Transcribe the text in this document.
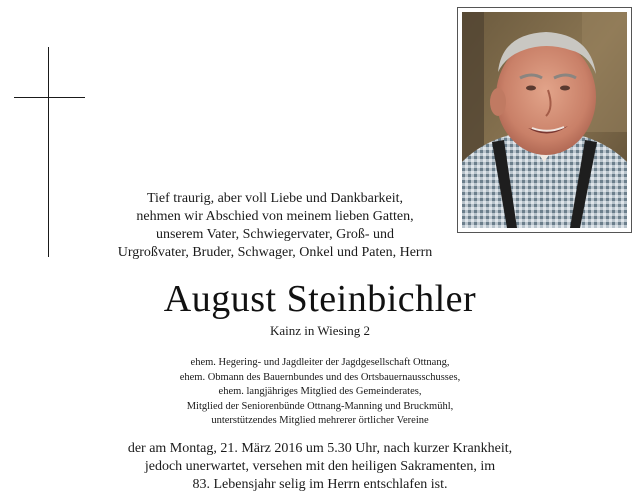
Tief traurig, aber voll Liebe und Dankbarkeit,
nehmen wir Abschied von meinem lieben Gatten,
unserem Vater, Schwiegervater, Groß- und
Urgroßvater, Bruder, Schwager, Onkel und Paten, Herrn
August Steinbichler
Kainz in Wiesing 2
ehem. Hegering- und Jagdleiter der Jagdgesellschaft Ottnang,
ehem. Obmann des Bauernbundes und des Ortsbauernausschusses,
ehem. langjähriges Mitglied des Gemeinderates,
Mitglied der Seniorenbünde Ottnang-Manning und Bruckmühl,
unterstützendes Mitglied mehrerer örtlicher Vereine
der am Montag, 21. März 2016 um 5.30 Uhr, nach kurzer Krankheit,
jedoch unerwartet, versehen mit den heiligen Sakramenten, im
83. Lebensjahr selig im Herrn entschlafen ist.
